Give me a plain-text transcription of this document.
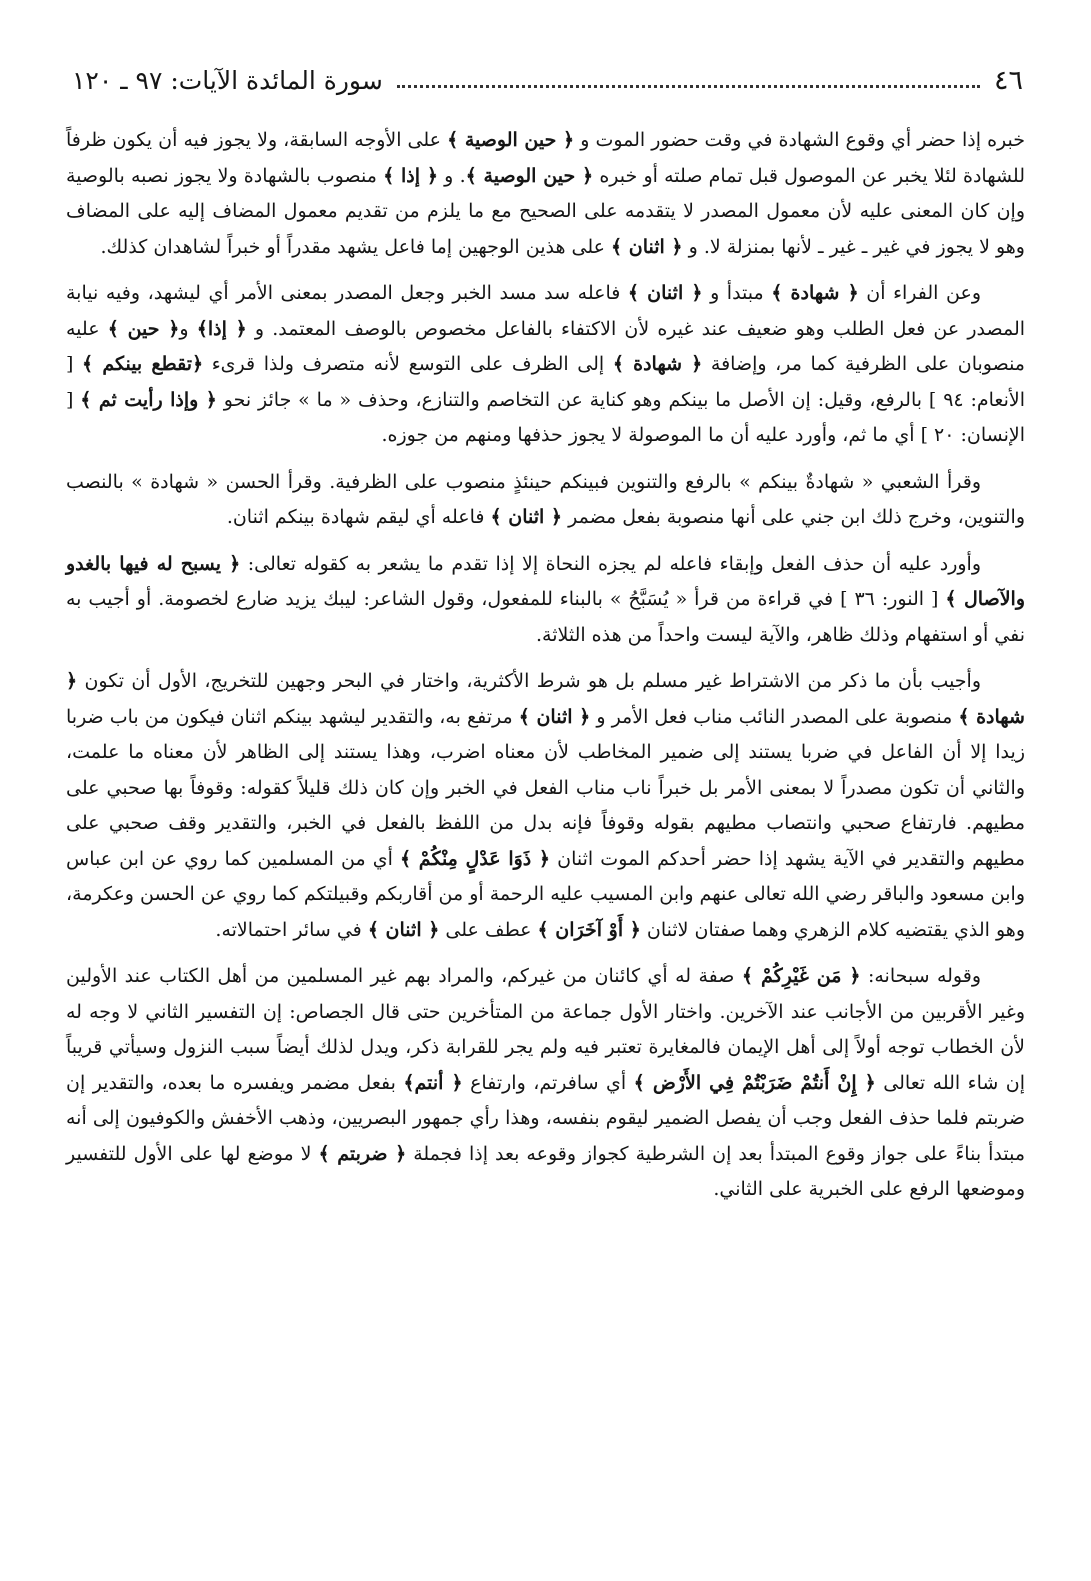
٤٦
سورة المائدة الآيات: ٩٧ ـ ١٢٠

خبره إذا حضر أي وقوع الشهادة في وقت حضور الموت و ﴿ حين الوصية ﴾ على الأوجه السابقة، ولا يجوز فيه أن يكون ظرفاً للشهادة لئلا يخبر عن الموصول قبل تمام صلته أو خبره ﴿ حين الوصية ﴾. و ﴿ إذا ﴾ منصوب بالشهادة ولا يجوز نصبه بالوصية وإن كان المعنى عليه لأن معمول المصدر لا يتقدمه على الصحيح مع ما يلزم من تقديم معمول المضاف إليه على المضاف وهو لا يجوز في غير ـ غير ـ لأنها بمنزلة لا. و ﴿ اثنان ﴾ على هذين الوجهين إما فاعل يشهد مقدراً أو خبراً لشاهدان كذلك.

وعن الفراء أن ﴿ شهادة ﴾ مبتدأ و ﴿ اثنان ﴾ فاعله سد مسد الخبر وجعل المصدر بمعنى الأمر أي ليشهد، وفيه نيابة المصدر عن فعل الطلب وهو ضعيف عند غيره لأن الاكتفاء بالفاعل مخصوص بالوصف المعتمد. و ﴿ إذا﴾ و﴿ حين ﴾ عليه منصوبان على الظرفية كما مر، وإضافة ﴿ شهادة ﴾ إلى الظرف على التوسع لأنه متصرف ولذا قرىء ﴿تقطع بينكم ﴾ [ الأنعام: ٩٤ ] بالرفع، وقيل: إن الأصل ما بينكم وهو كناية عن التخاصم والتنازع، وحذف « ما » جائز نحو ﴿ وإذا رأيت ثم ﴾ [ الإنسان: ٢٠ ] أي ما ثم، وأورد عليه أن ما الموصولة لا يجوز حذفها ومنهم من جوزه.

وقرأ الشعبي « شهادةٌ بينكم » بالرفع والتنوين فبينكم حينئذٍ منصوب على الظرفية. وقرأ الحسن « شهادة » بالنصب والتنوين، وخرج ذلك ابن جني على أنها منصوبة بفعل مضمر ﴿ اثنان ﴾ فاعله أي ليقم شهادة بينكم اثنان.

وأورد عليه أن حذف الفعل وإبقاء فاعله لم يجزه النحاة إلا إذا تقدم ما يشعر به كقوله تعالى: ﴿ يسبح له فيها بالغدو والآصال ﴾ [ النور: ٣٦ ] في قراءة من قرأ « يُسَبَّحُ » بالبناء للمفعول، وقول الشاعر: ليبك يزيد ضارع لخصومة. أو أجيب به نفي أو استفهام وذلك ظاهر، والآية ليست واحداً من هذه الثلاثة.

وأجيب بأن ما ذكر من الاشتراط غير مسلم بل هو شرط الأكثرية، واختار في البحر وجهين للتخريج، الأول أن تكون ﴿ شهادة ﴾ منصوبة على المصدر النائب مناب فعل الأمر و ﴿ اثنان ﴾ مرتفع به، والتقدير ليشهد بينكم اثنان فيكون من باب ضربا زيدا إلا أن الفاعل في ضربا يستند إلى ضمير المخاطب لأن معناه اضرب، وهذا يستند إلى الظاهر لأن معناه ما علمت، والثاني أن تكون مصدراً لا بمعنى الأمر بل خبراً ناب مناب الفعل في الخبر وإن كان ذلك قليلاً كقوله: وقوفاً بها صحبي على مطيهم. فارتفاع صحبي وانتصاب مطيهم بقوله وقوفاً فإنه بدل من اللفظ بالفعل في الخبر، والتقدير وقف صحبي على مطيهم والتقدير في الآية يشهد إذا حضر أحدكم الموت اثنان ﴿ ذَوَا عَدْلٍ مِنْكُمْ ﴾ أي من المسلمين كما روي عن ابن عباس وابن مسعود والباقر رضي الله تعالى عنهم وابن المسيب عليه الرحمة أو من أقاربكم وقبيلتكم كما روي عن الحسن وعكرمة، وهو الذي يقتضيه كلام الزهري وهما صفتان لاثنان ﴿ أَوْ آخَرَان ﴾ عطف على ﴿ اثنان ﴾ في سائر احتمالاته.

وقوله سبحانه: ﴿ مَن غَيْرِكُمْ ﴾ صفة له أي كائنان من غيركم، والمراد بهم غير المسلمين من أهل الكتاب عند الأولين وغير الأقربين من الأجانب عند الآخرين. واختار الأول جماعة من المتأخرين حتى قال الجصاص: إن التفسير الثاني لا وجه له لأن الخطاب توجه أولاً إلى أهل الإيمان فالمغايرة تعتبر فيه ولم يجر للقرابة ذكر، ويدل لذلك أيضاً سبب النزول وسيأتي قريباً إن شاء الله تعالى ﴿ إِنْ أَنتُمْ ضَرَبْتُمْ فِي الأَرْض ﴾ أي سافرتم، وارتفاع ﴿ أنتم﴾ بفعل مضمر ويفسره ما بعده، والتقدير إن ضربتم فلما حذف الفعل وجب أن يفصل الضمير ليقوم بنفسه، وهذا رأي جمهور البصريين، وذهب الأخفش والكوفيون إلى أنه مبتدأ بناءً على جواز وقوع المبتدأ بعد إن الشرطية كجواز وقوعه بعد إذا فجملة ﴿ ضربتم ﴾ لا موضع لها على الأول للتفسير وموضعها الرفع على الخبرية على الثاني.
